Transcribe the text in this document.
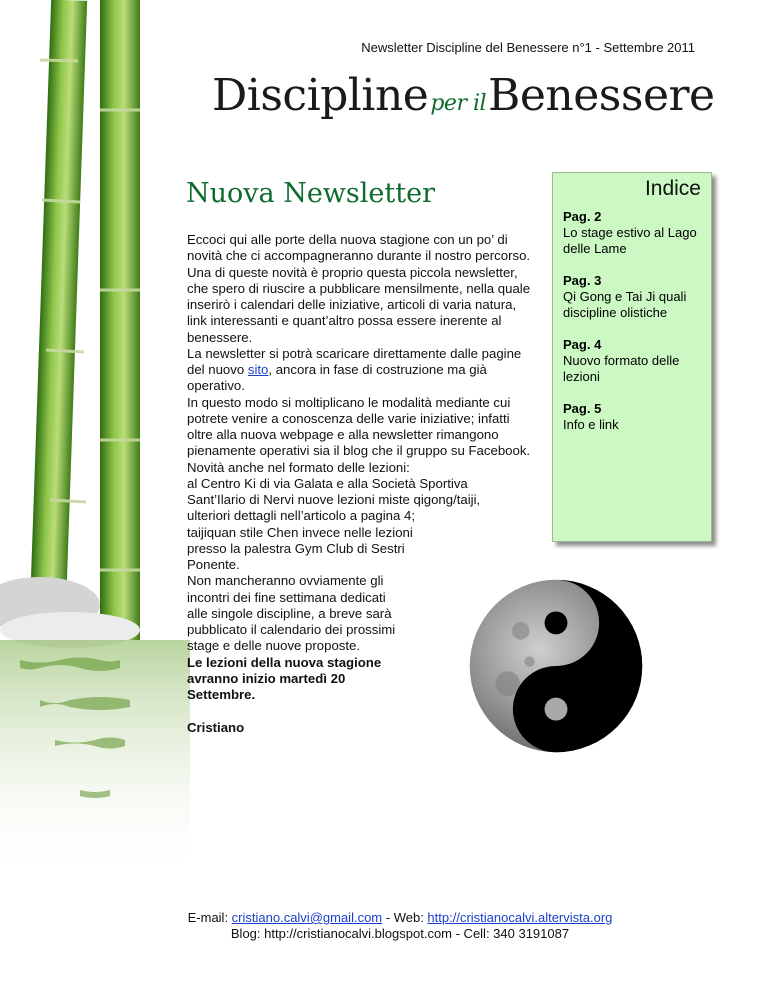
Newsletter Discipline del Benessere n°1 - Settembre 2011
Disciplineper ilBenessere
Nuova Newsletter

Eccoci qui alle porte della nuova stagione con un po’ di novità che ci accompagneranno durante il nostro percorso.

Una di queste novità è proprio questa piccola newsletter, che spero di riuscire a pubblicare mensilmente, nella quale inserirò i calendari delle iniziative, articoli di varia natura, link interessanti e quant’altro possa essere inerente al benessere.

La newsletter si potrà scaricare direttamente dalle pagine del nuovo sito, ancora in fase di costruzione ma già operativo.

In questo modo si moltiplicano le modalità mediante cui potrete venire a conoscenza delle varie iniziative; infatti oltre alla nuova webpage e alla newsletter rimangono pienamente operativi sia il blog che il gruppo su Facebook.

Novità anche nel formato delle lezioni:
al Centro Ki di via Galata e alla Società Sportiva
Sant’Ilario di Nervi nuove lezioni miste qigong/taiji,
ulteriori dettagli nell’articolo a pagina 4;
taijiquan stile Chen invece nelle lezioni
presso la palestra Gym Club di Sestri
Ponente.

Non mancheranno ovviamente gli
incontri dei fine settimana dedicati
alle singole discipline, a breve sarà
pubblicato il calendario dei prossimi
stage e delle nuove proposte.

Le lezioni della nuova stagione
avranno inizio martedì 20
Settembre.

Cristiano

Indice
Pag. 2
Lo stage estivo al Lago delle Lame
Pag. 3
Qi Gong e Tai Ji quali discipline olistiche
Pag. 4
Nuovo formato delle lezioni
Pag. 5
Info e link
E-mail: cristiano.calvi@gmail.com - Web: http://cristianocalvi.altervista.org
Blog: http://cristianocalvi.blogspot.com - Cell: 340 3191087
